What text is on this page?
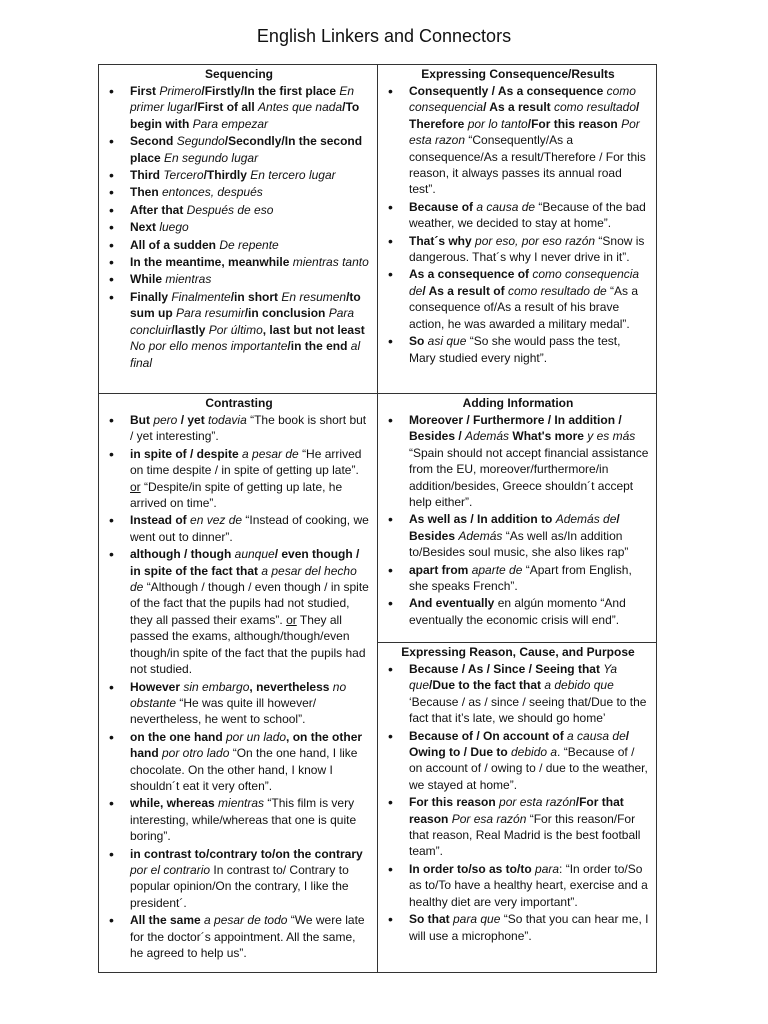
English Linkers and Connectors
Sequencing
• First Primero/Firstly/In the first place En primer lugar/First of all Antes que nada/To begin with Para empezar
• Second Segundo/Secondly/In the second place En segundo lugar
• Third Tercero/Thirdly En tercero lugar
• Then entonces, después
• After that Después de eso
• Next luego
• All of a sudden De repente
• In the meantime, meanwhile mientras tanto
• While mientras
• Finally Finalmente/in short En resumen/to sum up Para resumir/in conclusion Para concluir/lastly Por último, last but not least No por ello menos importante/in the end al final
Expressing Consequence/Results
• Consequently / As a consequence como consequencia/ As a result como resultado/ Therefore por lo tanto/For this reason Por esta razon “Consequently/As a consequence/As a result/Therefore / For this reason, it always passes its annual road test”.
• Because of a causa de “Because of the bad weather, we decided to stay at home”.
• That´s why por eso, por eso razón “Snow is dangerous. That´s why I never drive in it”.
• As a consequence of como consequencia de/ As a result of como resultado de “As a consequence of/As a result of his brave action, he was awarded a military medal”.
• So asi que “So she would pass the test, Mary studied every night”.
Contrasting
• But pero / yet todavia “The book is short but / yet interesting”.
• in spite of / despite a pesar de “He arrived on time despite / in spite of getting up late”. or “Despite/in spite of getting up late, he arrived on time”.
• Instead of en vez de “Instead of cooking, we went out to dinner”.
• although / though aunque/ even though / in spite of the fact that a pesar del hecho de “Although / though / even though / in spite of the fact that the pupils had not studied, they all passed their exams”. or They all passed the exams, although/though/even though/in spite of the fact that the pupils had not studied.
• However sin embargo, nevertheless no obstante “He was quite ill however/ nevertheless, he went to school”.
• on the one hand por un lado, on the other hand por otro lado “On the one hand, I like chocolate. On the other hand, I know I shouldn´t eat it very often”.
• while, whereas mientras “This film is very interesting, while/whereas that one is quite boring”.
• in contrast to/contrary to/on the contrary por el contrario In contrast to/ Contrary to popular opinion/On the contrary, I like the president´.
• All the same a pesar de todo “We were late for the doctor´s appointment. All the same, he agreed to help us”.
Adding Information
• Moreover / Furthermore / In addition / Besides / Además What's more y es más “Spain should not accept financial assistance from the EU, moreover/furthermore/in addition/besides, Greece shouldn´t accept help either”.
• As well as / In addition to Además de/ Besides Además “As well as/In addition to/Besides soul music, she also likes rap”
• apart from aparte de “Apart from English, she speaks French”.
• And eventually en algún momento “And eventually the economic crisis will end”.
Expressing Reason, Cause, and Purpose
• Because / As / Since / Seeing that Ya que/Due to the fact that a debido que ‘Because / as / since / seeing that/Due to the fact that it’s late, we should go home’
• Because of / On account of a causa de/ Owing to / Due to debido a. “Because of / on account of / owing to / due to the weather, we stayed at home”.
• For this reason por esta razón/For that reason Por esa razón “For this reason/For that reason, Real Madrid is the best football team”.
• In order to/so as to/to para: “In order to/So as to/To have a healthy heart, exercise and a healthy diet are very important”.
• So that para que “So that you can hear me, I will use a microphone”.
